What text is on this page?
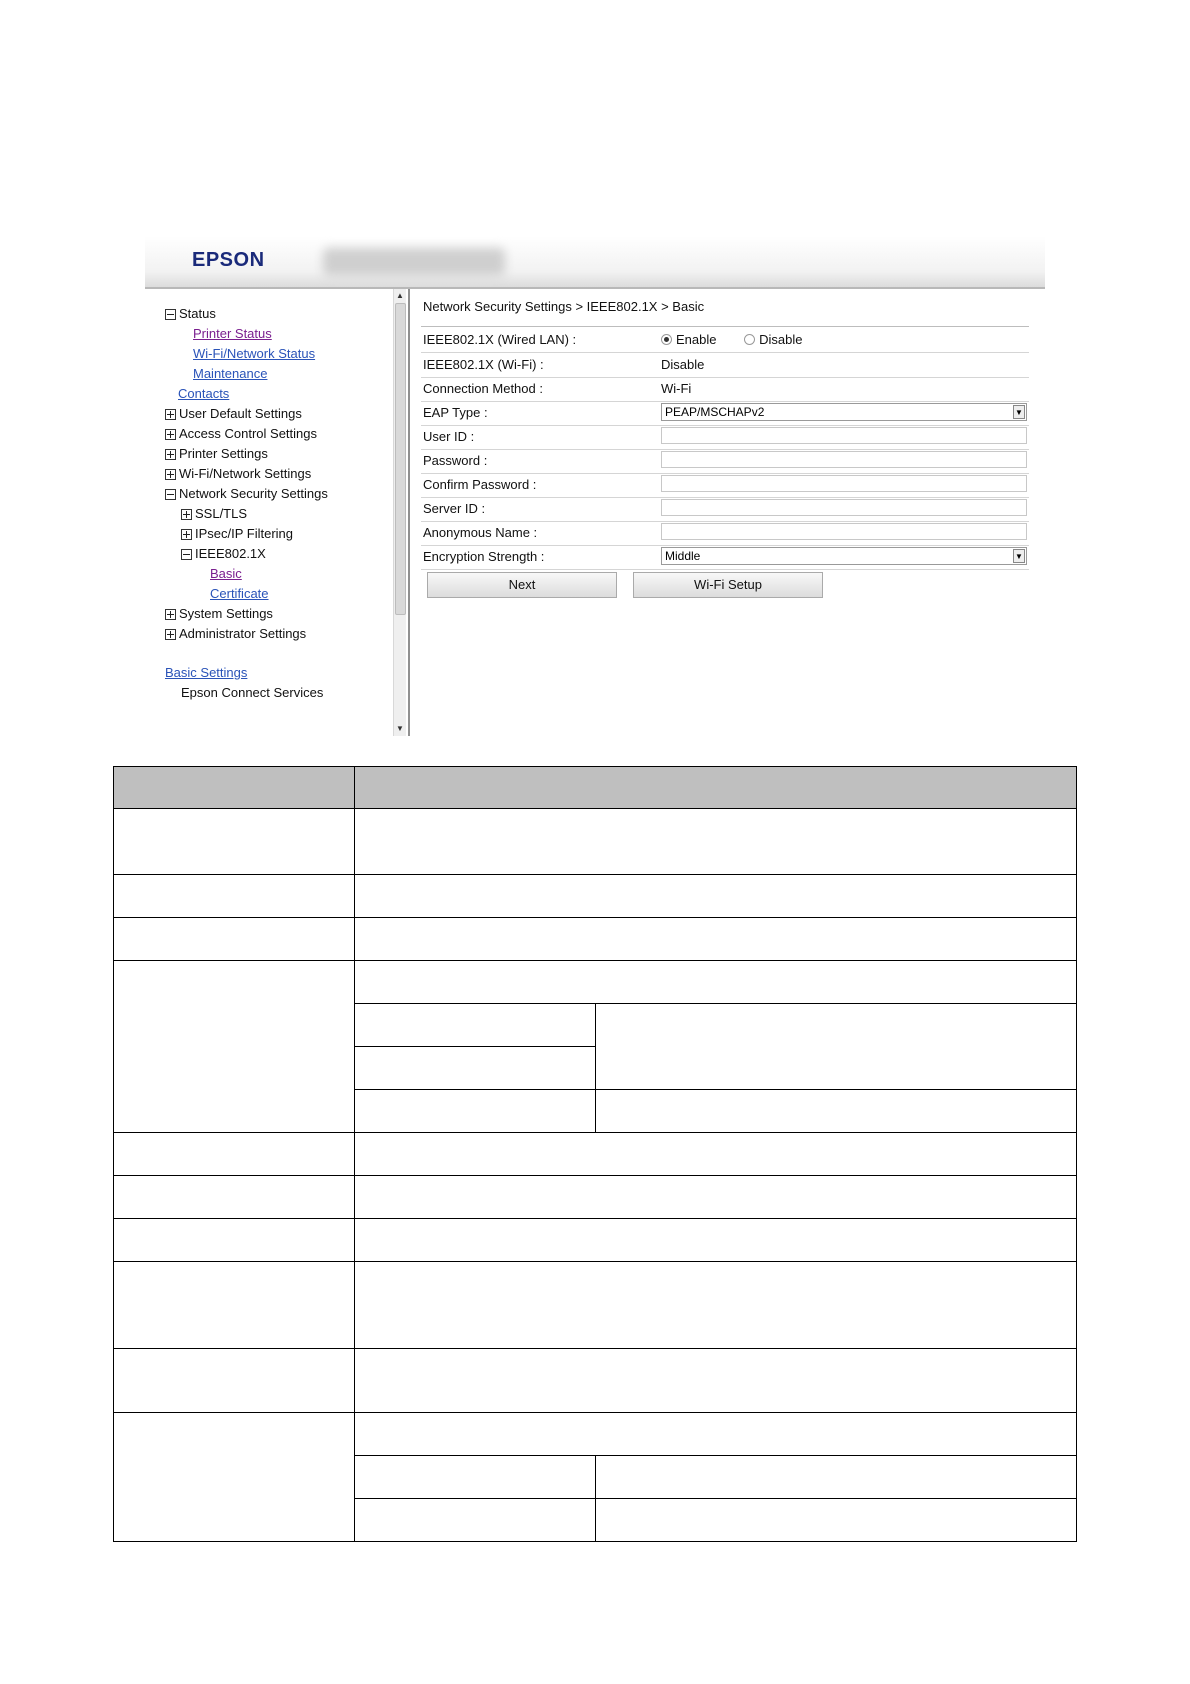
EPSON
Status
Printer Status
Wi-Fi/Network Status
Maintenance
Contacts
User Default Settings
Access Control Settings
Printer Settings
Wi-Fi/Network Settings
Network Security Settings
SSL/TLS
IPsec/IP Filtering
IEEE802.1X
Basic
Certificate
System Settings
Administrator Settings
Basic Settings
Epson Connect Services
▲
▼
Network Security Settings > IEEE802.1X > Basic
IEEE802.1X (Wired LAN) :	Enable	Disable
IEEE802.1X (Wi-Fi) :	Disable
Connection Method :	Wi-Fi
EAP Type :	PEAP/MSCHAPv2	▼
User ID :
Password :
Confirm Password :
Server ID :
Anonymous Name :
Encryption Strength :	Middle	▼
Next	Wi-Fi Setup
